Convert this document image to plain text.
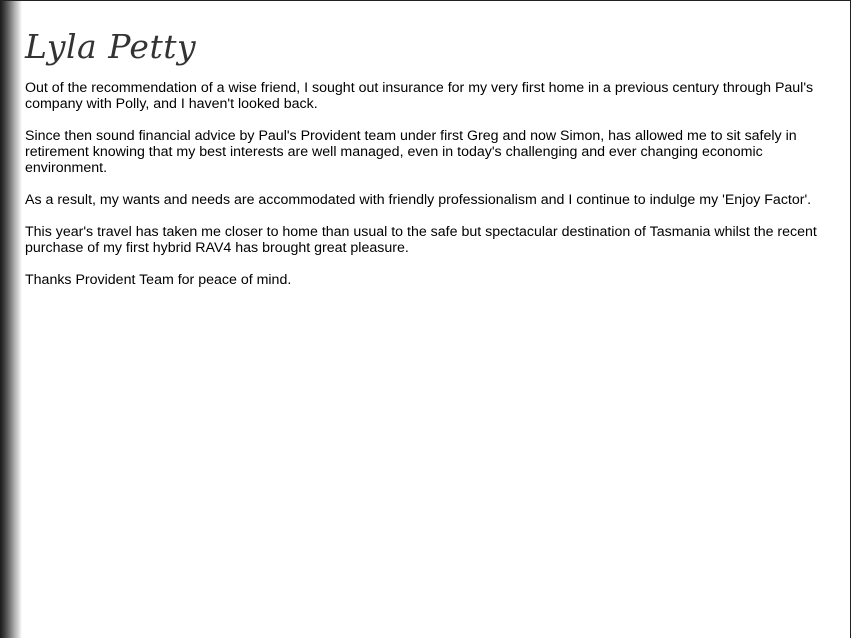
Lyla Petty

Out of the recommendation of a wise friend, I sought out insurance for my very first home in a previous century through Paul's company with Polly, and I haven't looked back.

Since then sound financial advice by Paul's Provident team under first Greg and now Simon, has allowed me to sit safely in retirement knowing that my best interests are well managed, even in today's challenging and ever changing economic environment.

As a result, my wants and needs are accommodated with friendly professionalism and I continue to indulge my 'Enjoy Factor'.

This year's travel has taken me closer to home than usual to the safe but spectacular destination of Tasmania whilst the recent purchase of my first hybrid RAV4 has brought great pleasure.

Thanks Provident Team for peace of mind.
